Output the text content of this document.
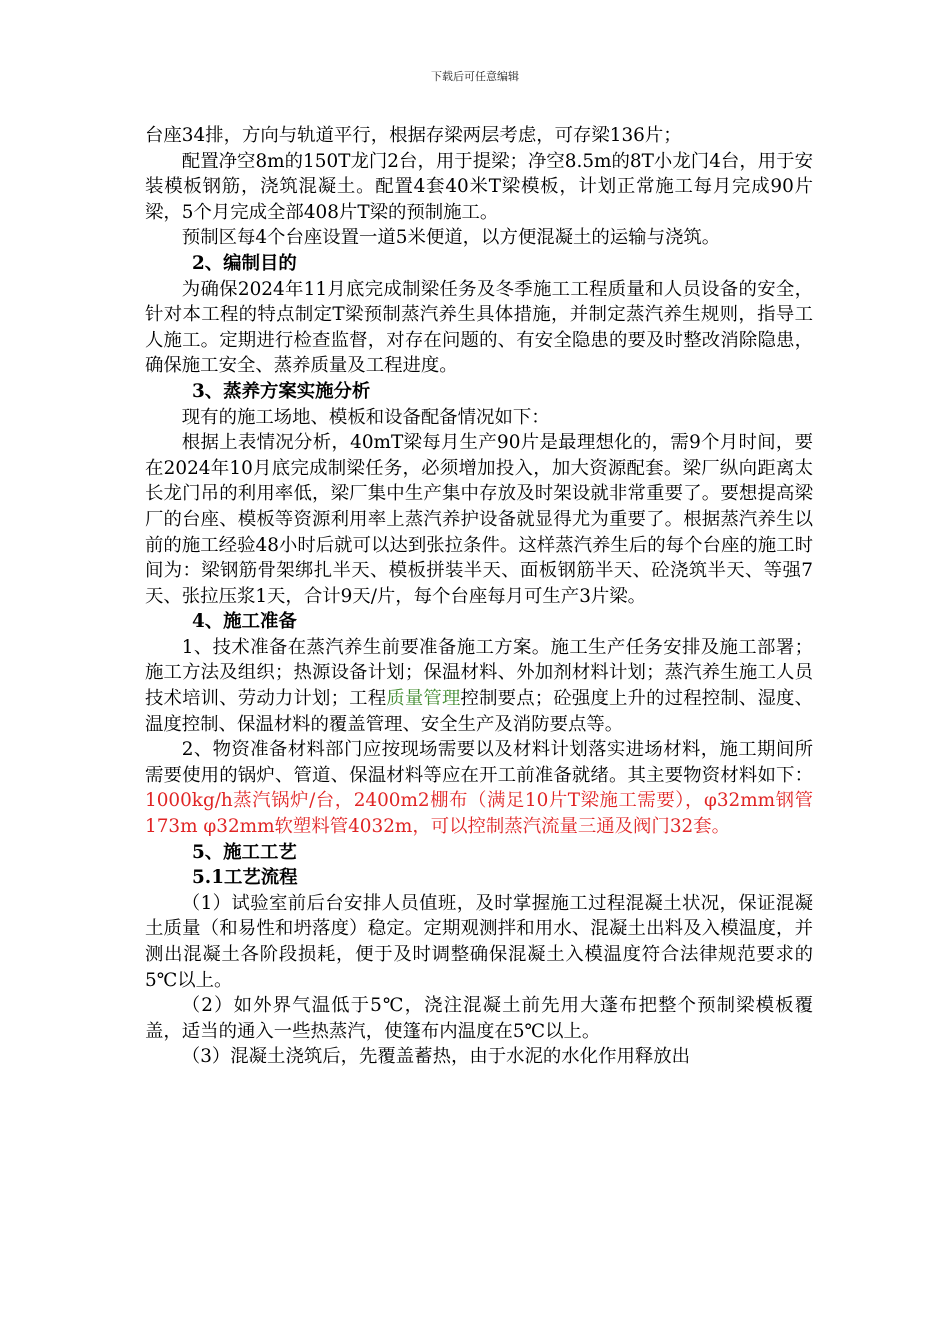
下载后可任意编辑

台座34排，方向与轨道平行，根据存梁两层考虑，可存梁136片；

配置净空8m的150T龙门2台，用于提梁；净空8.5m的8T小龙门4台，用于安装模板钢筋，浇筑混凝土。配置4套40米T梁模板，计划正常施工每月完成90片梁，5个月完成全部408片T梁的预制施工。

预制区每4个台座设置一道5米便道，以方便混凝土的运输与浇筑。

2、编制目的

为确保2024年11月底完成制梁任务及冬季施工工程质量和人员设备的安全，针对本工程的特点制定T梁预制蒸汽养生具体措施，并制定蒸汽养生规则，指导工人施工。定期进行检查监督，对存在问题的、有安全隐患的要及时整改消除隐患，确保施工安全、蒸养质量及工程进度。

3、蒸养方案实施分析

现有的施工场地、模板和设备配备情况如下：

根据上表情况分析，40mT梁每月生产90片是最理想化的，需9个月时间，要在2024年10月底完成制梁任务，必须增加投入，加大资源配套。梁厂纵向距离太长龙门吊的利用率低，梁厂集中生产集中存放及时架设就非常重要了。要想提高梁厂的台座、模板等资源利用率上蒸汽养护设备就显得尤为重要了。根据蒸汽养生以前的施工经验48小时后就可以达到张拉条件。这样蒸汽养生后的每个台座的施工时间为：梁钢筋骨架绑扎半天、模板拼装半天、面板钢筋半天、砼浇筑半天、等强7天、张拉压浆1天，合计9天/片，每个台座每月可生产3片梁。

4、施工准备

1、技术准备在蒸汽养生前要准备施工方案。施工生产任务安排及施工部署；施工方法及组织；热源设备计划；保温材料、外加剂材料计划；蒸汽养生施工人员技术培训、劳动力计划；工程质量管理控制要点；砼强度上升的过程控制、湿度、温度控制、保温材料的覆盖管理、安全生产及消防要点等。

2、物资准备材料部门应按现场需要以及材料计划落实进场材料，施工期间所需要使用的锅炉、管道、保温材料等应在开工前准备就绪。其主要物资材料如下：1000kg/h蒸汽锅炉/台，2400m2棚布（满足10片T梁施工需要），φ32mm钢管173m φ32mm软塑料管4032m，可以控制蒸汽流量三通及阀门32套。

5、施工工艺
5.1工艺流程

（1）试验室前后台安排人员值班，及时掌握施工过程混凝土状况，保证混凝土质量（和易性和坍落度）稳定。定期观测拌和用水、混凝土出料及入模温度，并测出混凝土各阶段损耗，便于及时调整确保混凝土入模温度符合法律规范要求的5℃以上。

（2）如外界气温低于5℃，浇注混凝土前先用大蓬布把整个预制梁模板覆盖，适当的通入一些热蒸汽，使篷布内温度在5℃以上。

（3）混凝土浇筑后，先覆盖蓄热，由于水泥的水化作用释放出
